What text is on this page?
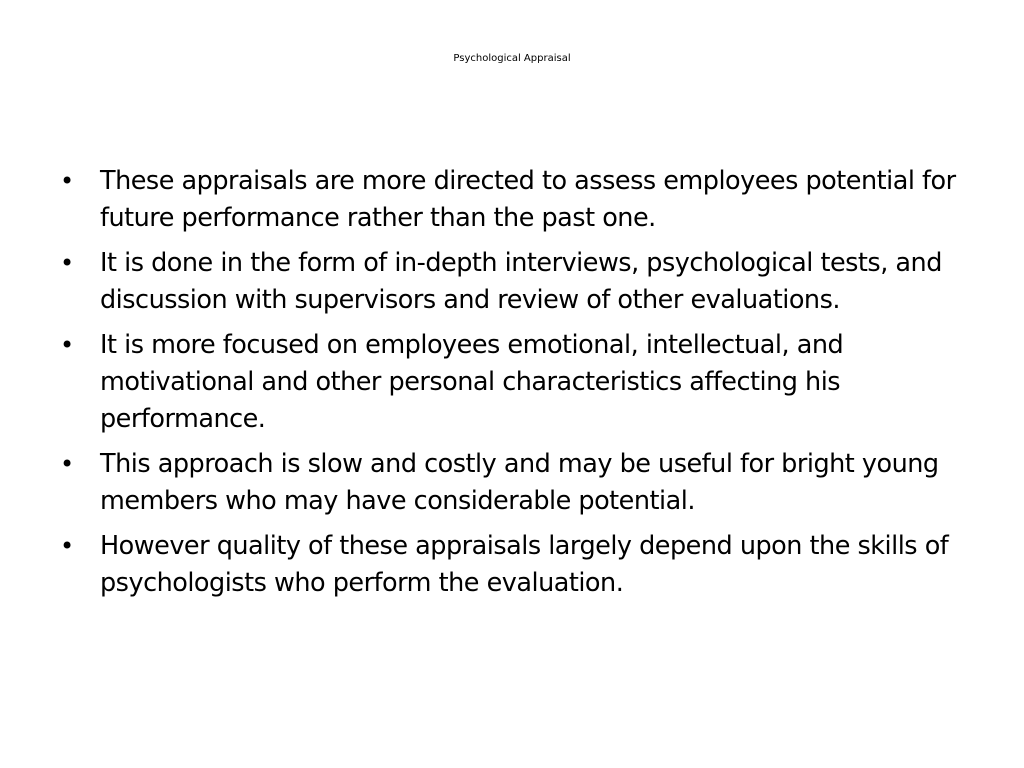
Psychological Appraisal
•	These appraisals are more directed to assess employees potential for future performance rather than the past one.
•	It is done in the form of in-depth interviews, psychological tests, and discussion with supervisors and review of other evaluations.
•	It is more focused on employees emotional, intellectual, and motivational and other personal characteristics affecting his performance.
•	This approach is slow and costly and may be useful for bright young members who may have considerable potential.
•	However quality of these appraisals largely depend upon the skills of psychologists who perform the evaluation.
